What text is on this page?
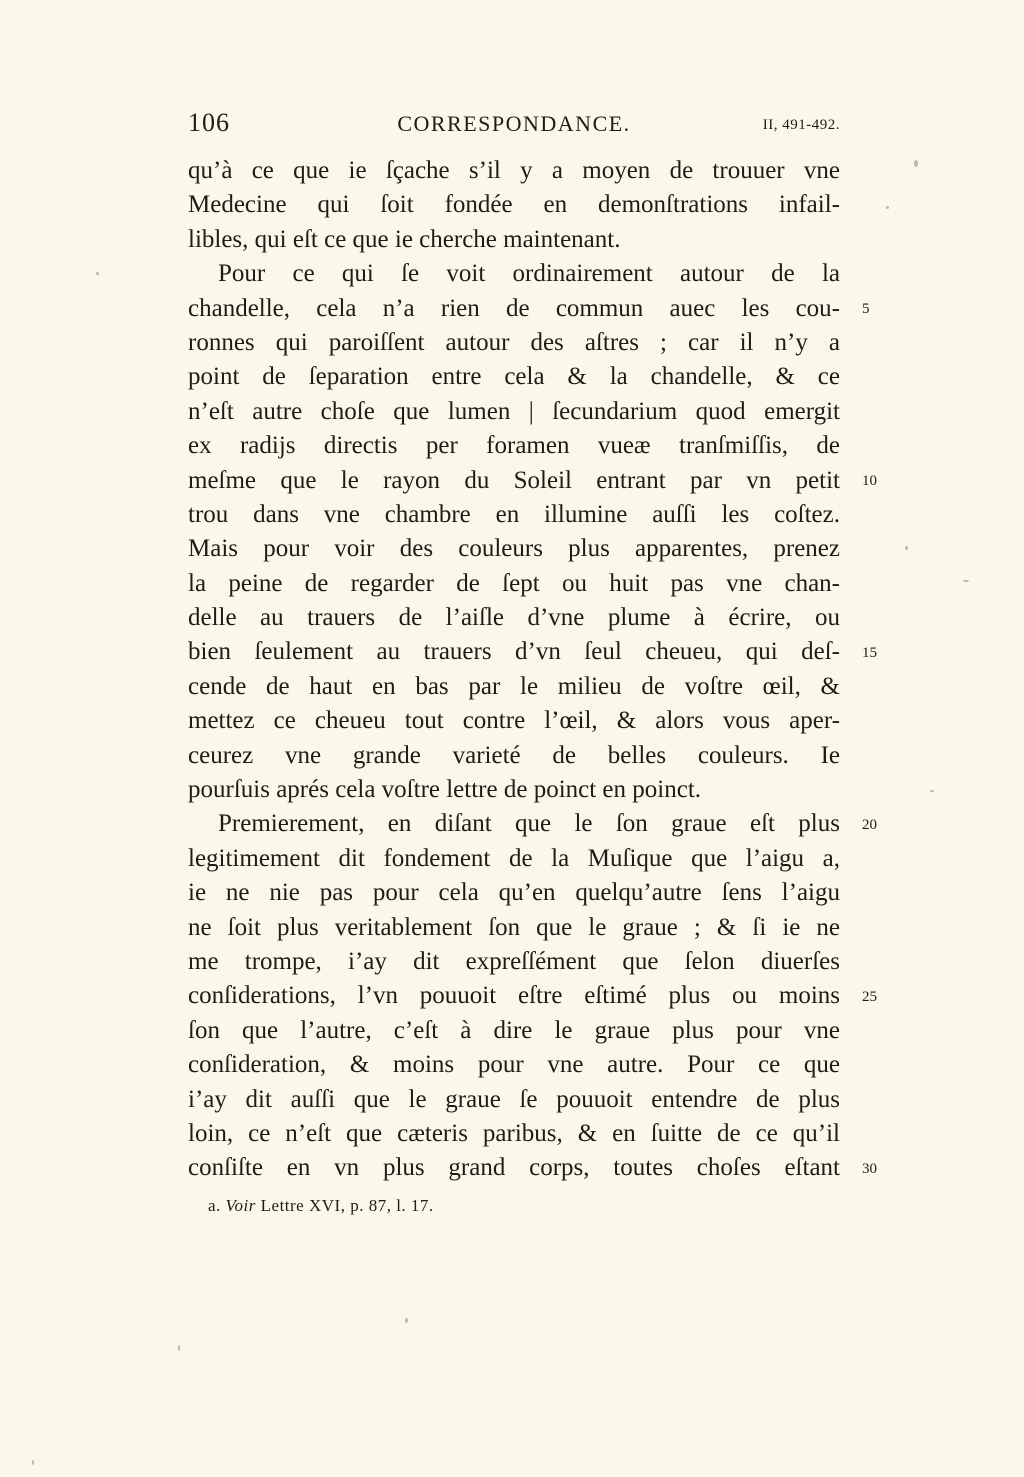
106	CORRESPONDANCE.	II, 491-492.
qu’à ce que ie ſçache s’il y a moyen de trouuer vne
Medecine qui ſoit fondée en demonſtrations infail-
libles, qui eſt ce que ie cherche maintenant.
Pour ce qui ſe voit ordinairement autour de la
chandelle, cela n’a rien de commun auec les cou-
ronnes qui paroiſſent autour des aſtres ; car il n’y a
point de ſeparation entre cela & la chandelle, & ce
n’eſt autre choſe que lumen | ſecundarium quod emergit
ex radijs directis per foramen vueæ tranſmiſſis, de
meſme que le rayon du Soleil entrant par vn petit
trou dans vne chambre en illumine auſſi les coſtez.
Mais pour voir des couleurs plus apparentes, prenez
la peine de regarder de ſept ou huit pas vne chan-
delle au trauers de l’aiſle d’vne plume à écrire, ou
bien ſeulement au trauers d’vn ſeul cheueu, qui deſ-
cende de haut en bas par le milieu de voſtre œil, &
mettez ce cheueu tout contre l’œil, & alors vous aper-
ceurez vne grande varieté de belles couleurs. Ie
pourſuis aprés cela voſtre lettre de poinct en poinct.
Premierement, en diſant que le ſon graue eſt plus
legitimement dit fondement de la Muſique que l’aigu a,
ie ne nie pas pour cela qu’en quelqu’autre ſens l’aigu
ne ſoit plus veritablement ſon que le graue ; & ſi ie ne
me trompe, i’ay dit expreſſément que ſelon diuerſes
conſiderations, l’vn pouuoit eſtre eſtimé plus ou moins
ſon que l’autre, c’eſt à dire le graue plus pour vne
conſideration, & moins pour vne autre. Pour ce que
i’ay dit auſſi que le graue ſe pouuoit entendre de plus
loin, ce n’eſt que cæteris paribus, & en ſuitte de ce qu’il
conſiſte en vn plus grand corps, toutes choſes eſtant
5
10
15
20
25
30
a. Voir Lettre XVI, p. 87, l. 17.
